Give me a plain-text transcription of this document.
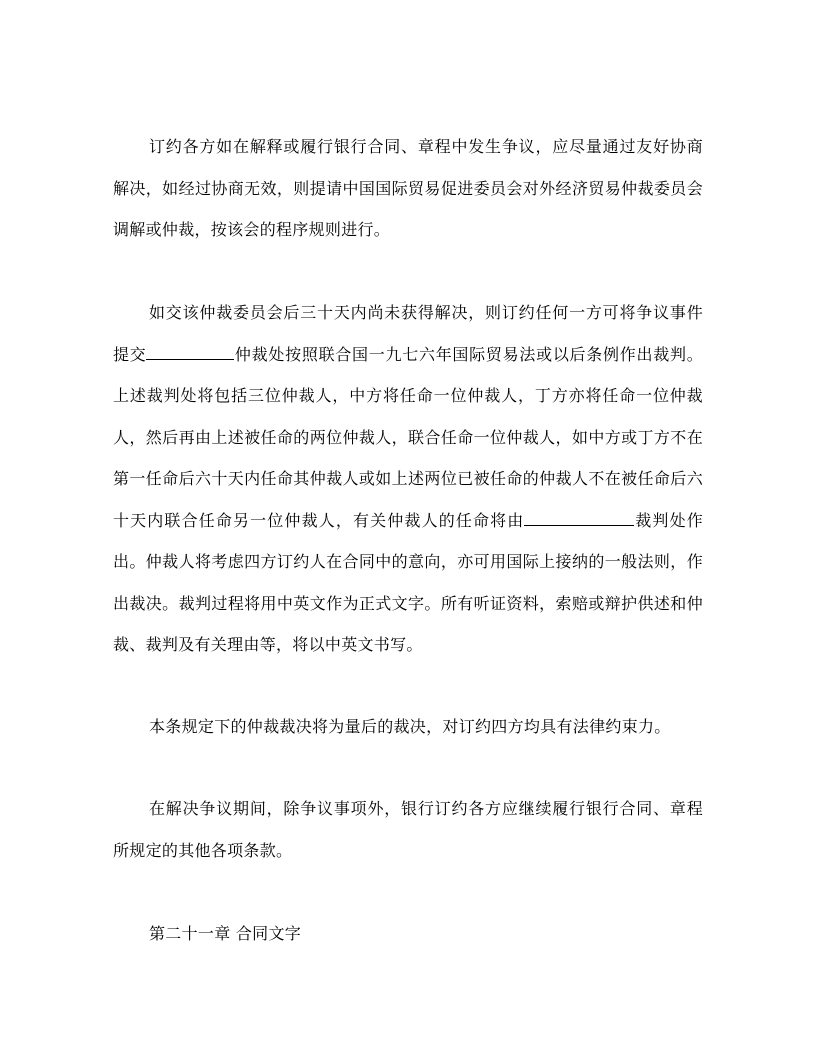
订约各方如在解释或履行银行合同、章程中发生争议，应尽量通过友好协商解决，如经过协商无效，则提请中国国际贸易促进委员会对外经济贸易仲裁委员会调解或仲裁，按该会的程序规则进行。

如交该仲裁委员会后三十天内尚未获得解决，则订约任何一方可将争议事件提交	仲裁处按照联合国一九七六年国际贸易法或以后条例作出裁判。上述裁判处将包括三位仲裁人，中方将任命一位仲裁人，丁方亦将任命一位仲裁人，然后再由上述被任命的两位仲裁人，联合任命一位仲裁人，如中方或丁方不在第一任命后六十天内任命其仲裁人或如上述两位已被任命的仲裁人不在被任命后六十天内联合任命另一位仲裁人，有关仲裁人的任命将由	裁判处作出。仲裁人将考虑四方订约人在合同中的意向，亦可用国际上接纳的一般法则，作出裁决。裁判过程将用中英文作为正式文字。所有听证资料，索赔或辩护供述和仲裁、裁判及有关理由等，将以中英文书写。

本条规定下的仲裁裁决将为量后的裁决，对订约四方均具有法律约束力。

在解决争议期间，除争议事项外，银行订约各方应继续履行银行合同、章程所规定的其他各项条款。

第二十一章 合同文字
